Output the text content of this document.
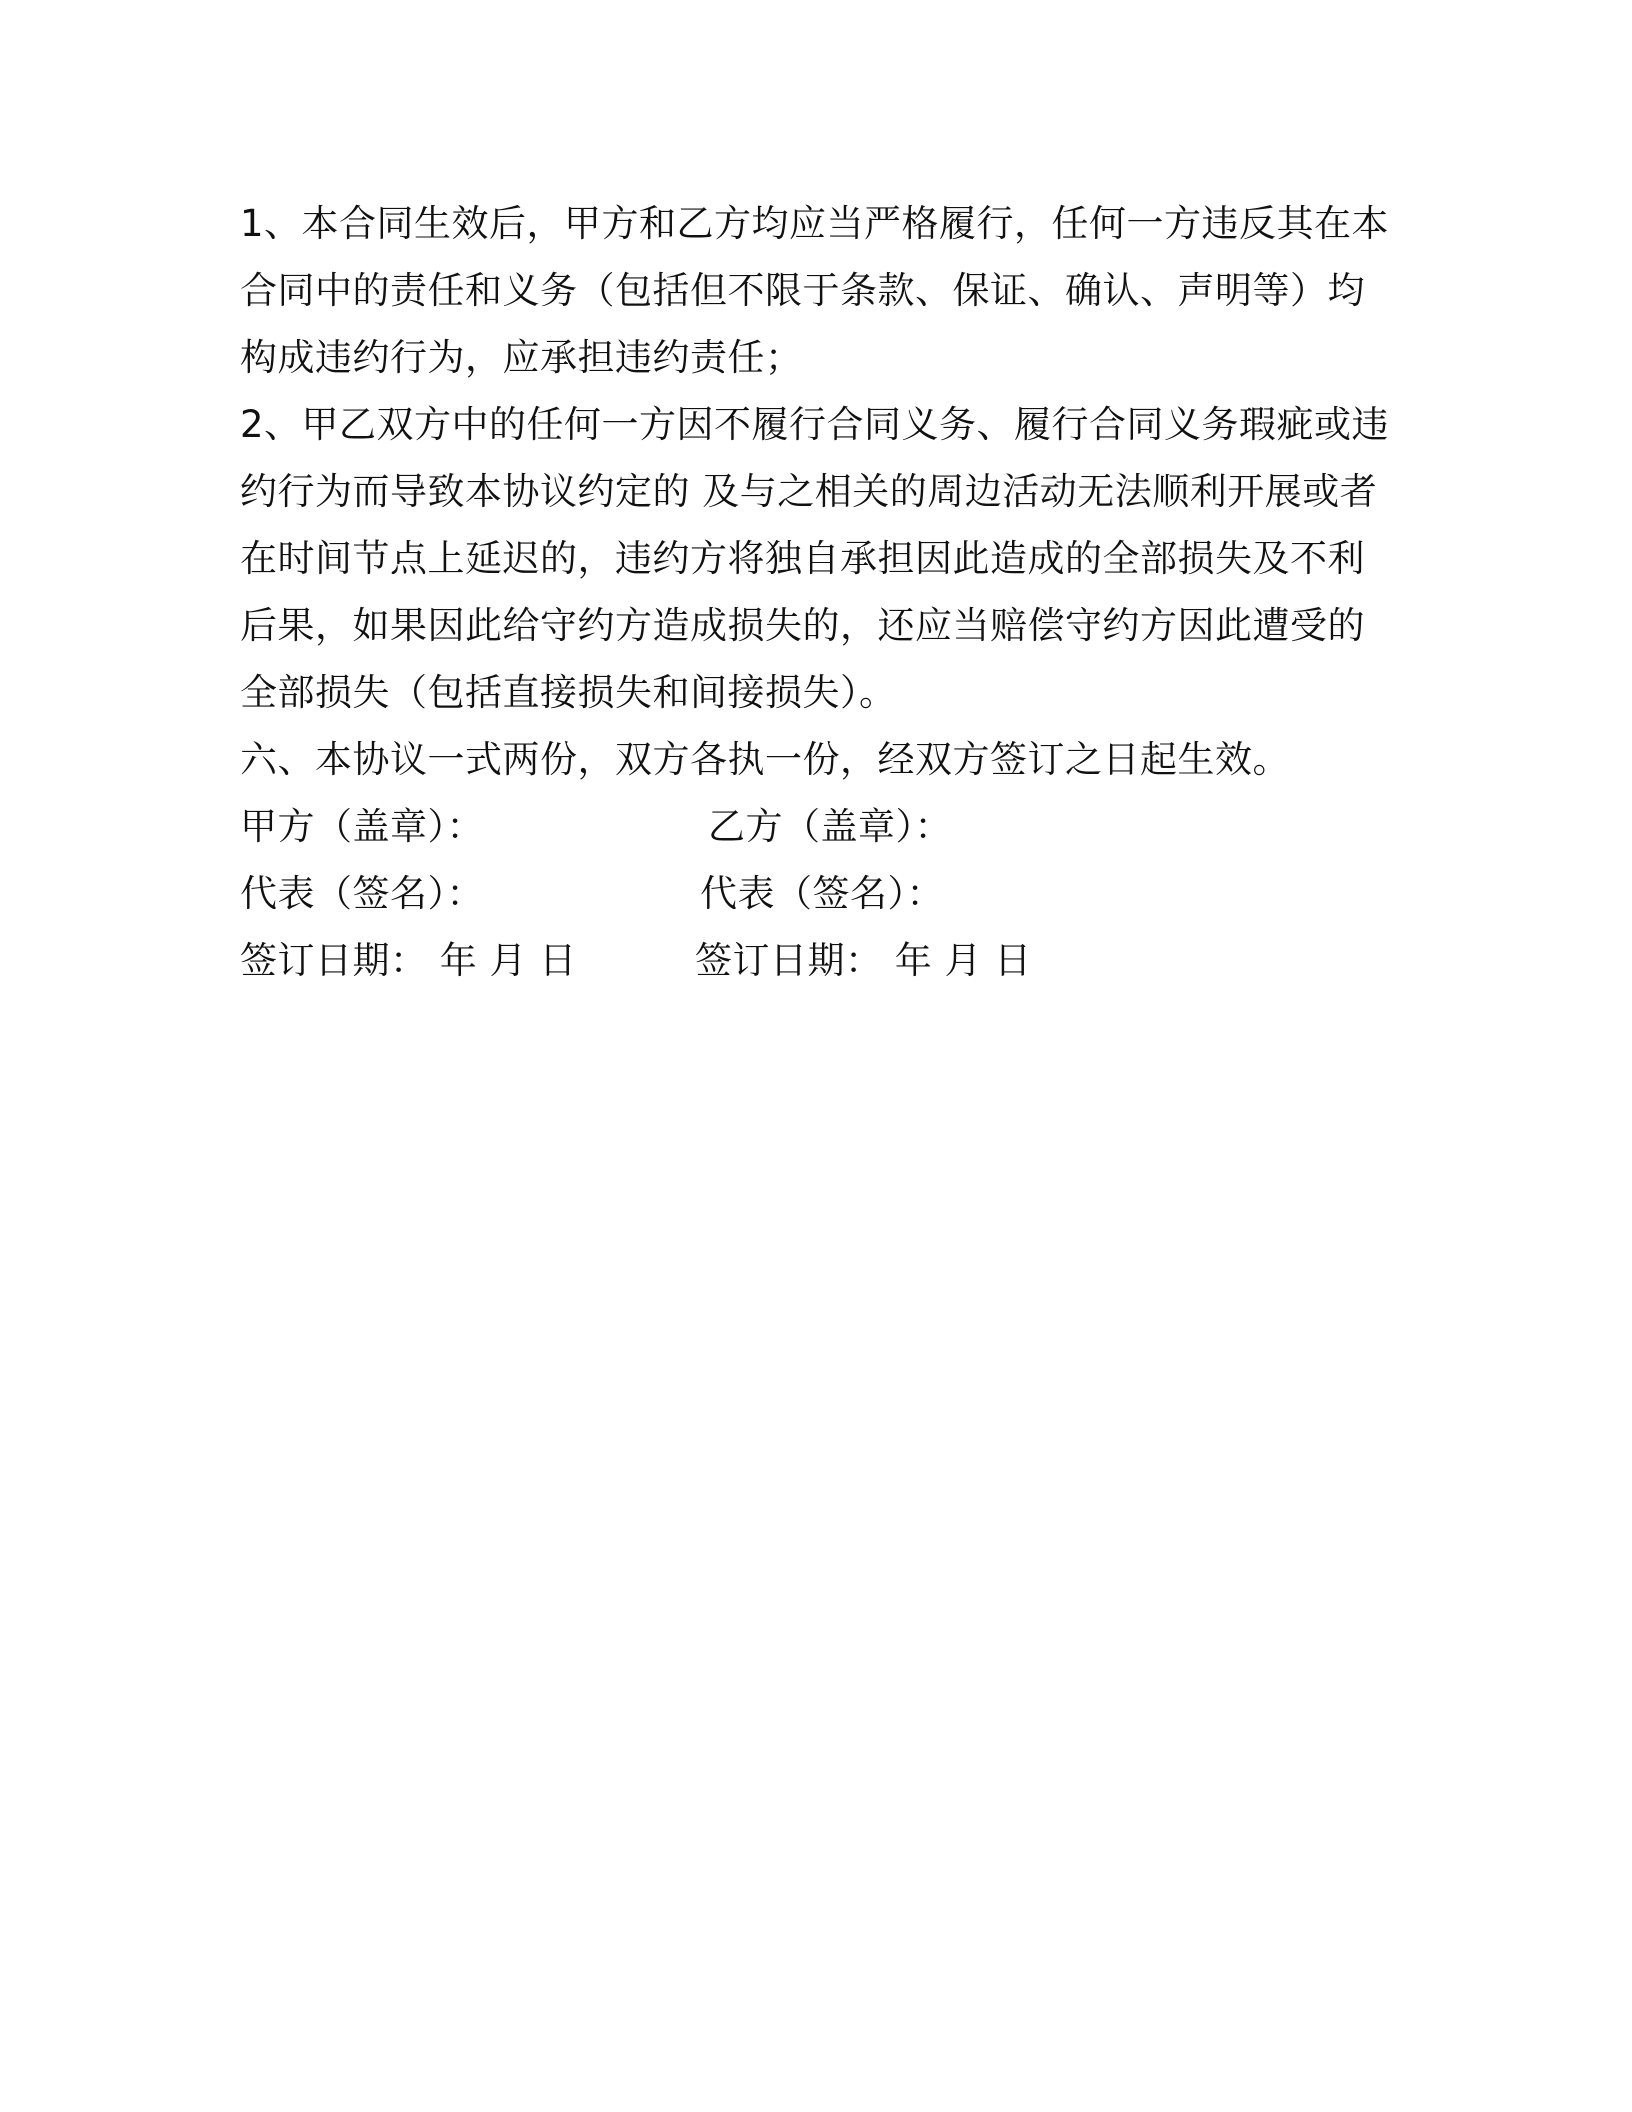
1、本合同生效后，甲方和乙方均应当严格履行，任何一方违反其在本
合同中的责任和义务（包括但不限于条款、保证、确认、声明等）均
构成违约行为，应承担违约责任；

2、甲乙双方中的任何一方因不履行合同义务、履行合同义务瑕疵或违
约行为而导致本协议约定的 及与之相关的周边活动无法顺利开展或者
在时间节点上延迟的，违约方将独自承担因此造成的全部损失及不利
后果，如果因此给守约方造成损失的，还应当赔偿守约方因此遭受的
全部损失（包括直接损失和间接损失）。

六、本协议一式两份，双方各执一份，经双方签订之日起生效。

甲方（盖章）：	乙方（盖章）：
代表（签名）：	代表（签名）：
签订日期： 年 月 日	签订日期： 年 月 日
